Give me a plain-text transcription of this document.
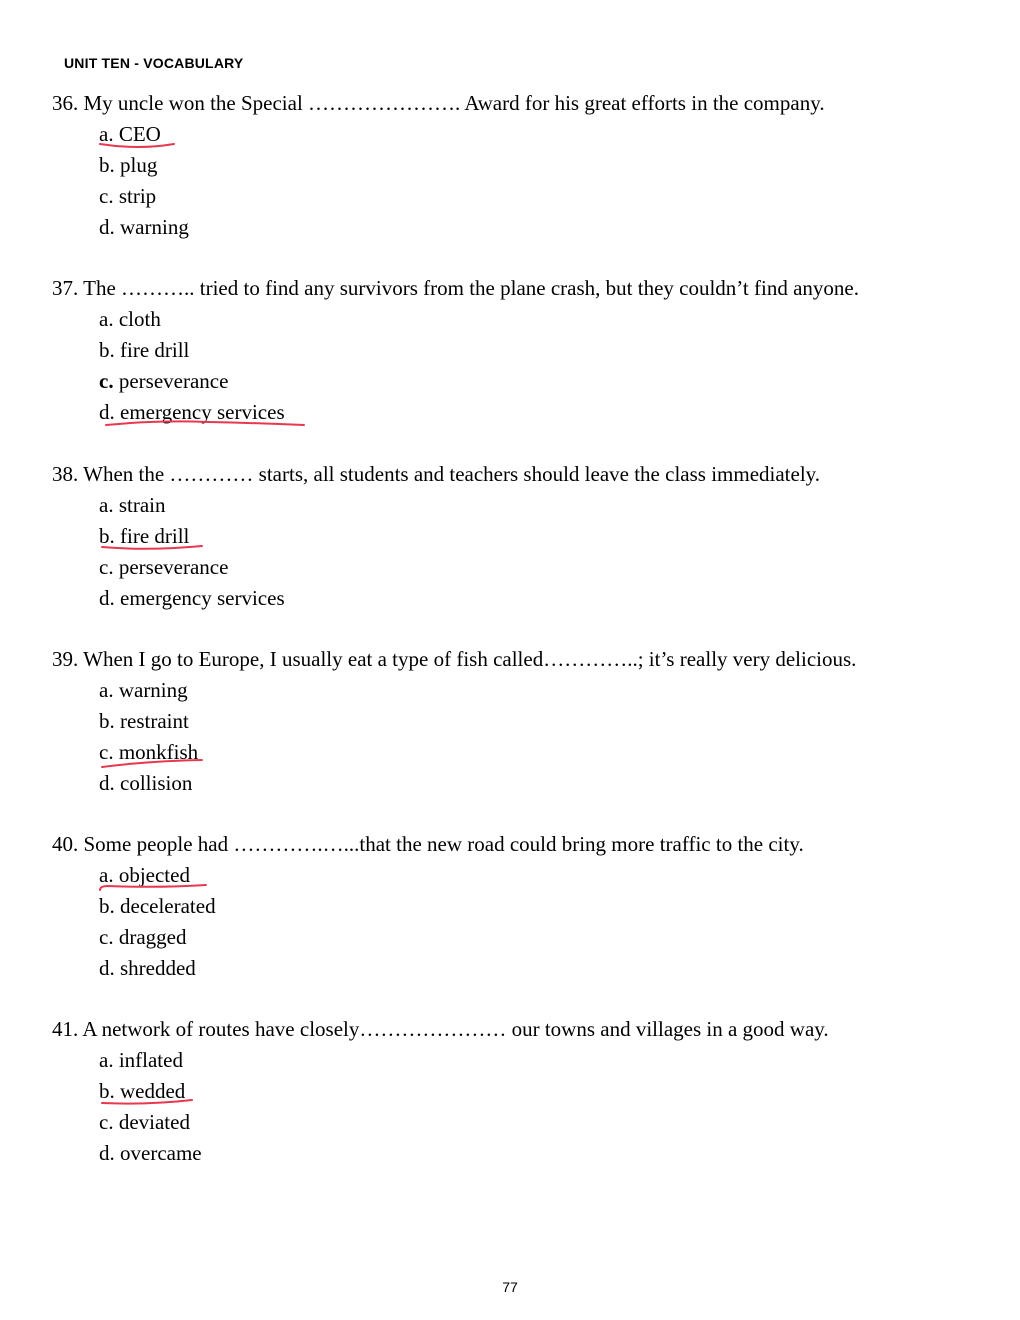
UNIT TEN - VOCABULARY
36. My uncle won the Special …………………. Award for his great efforts in the company.
a. CEO
b. plug
c. strip
d. warning
37. The ……….. tried to find any survivors from the plane crash, but they couldn’t find anyone.
a. cloth
b. fire drill
c. perseverance
d. emergency services
38. When the ………… starts, all students and teachers should leave the class immediately.
a. strain
b. fire drill
c. perseverance
d. emergency services
39. When I go to Europe, I usually eat a type of fish called…………..; it’s really very delicious.
a. warning
b. restraint
c. monkfish
d. collision
40. Some people had ………….…...that the new road could bring more traffic to the city.
a. objected
b. decelerated
c. dragged
d. shredded
41. A network of routes have closely………………… our towns and villages in a good way.
a. inflated
b. wedded
c. deviated
d. overcame
77
